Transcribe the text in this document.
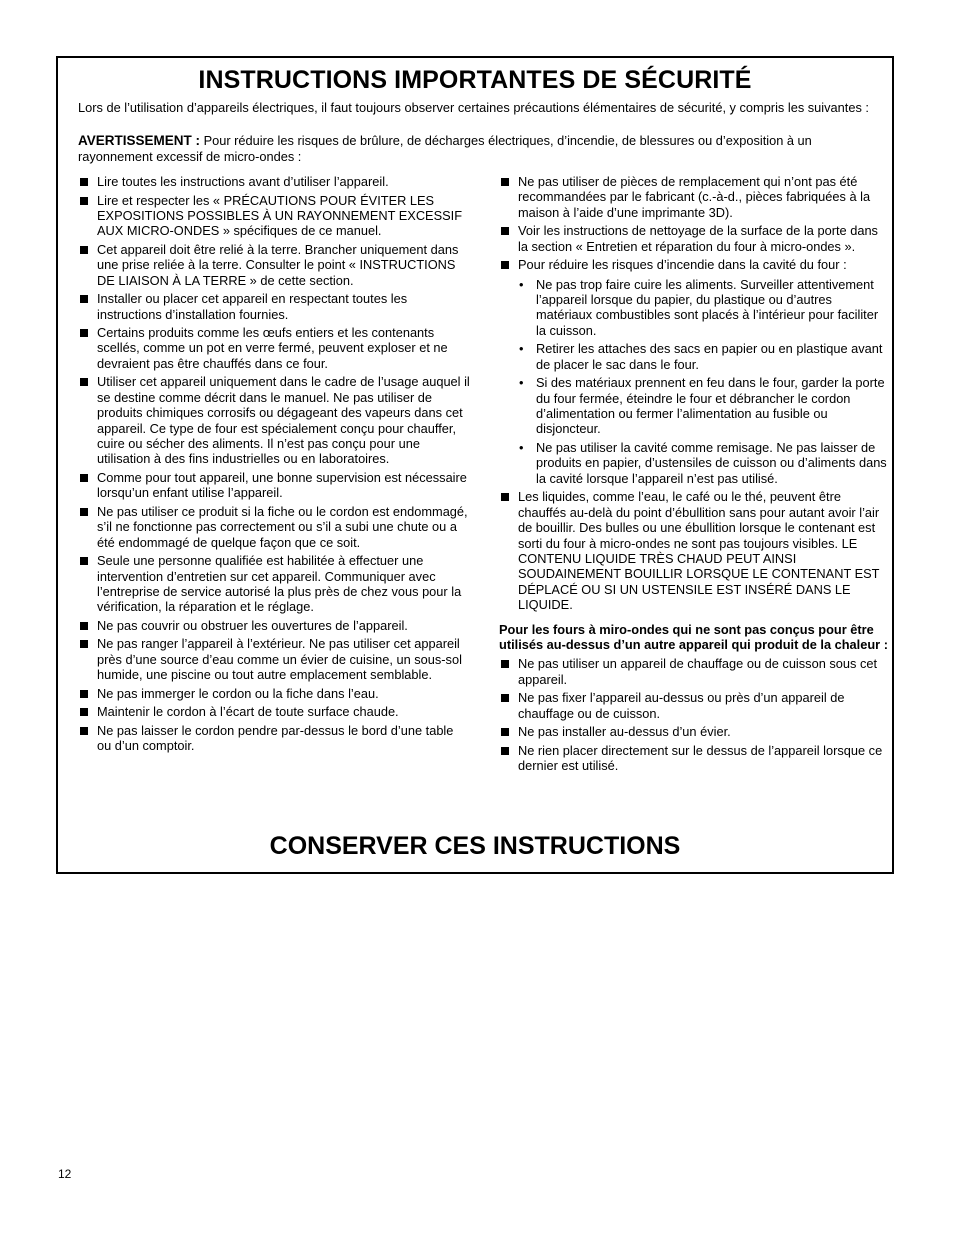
INSTRUCTIONS IMPORTANTES DE SÉCURITÉ

Lors de l’utilisation d’appareils électriques, il faut toujours observer certaines précautions élémentaires de sécurité, y compris les suivantes :

AVERTISSEMENT : Pour réduire les risques de brûlure, de décharges électriques, d’incendie, de blessures ou d’exposition à un rayonnement excessif de micro-ondes :

Lire toutes les instructions avant d’utiliser l’appareil.
Lire et respecter les « PRÉCAUTIONS POUR ÉVITER LES EXPOSITIONS POSSIBLES À UN RAYONNEMENT EXCESSIF AUX MICRO-ONDES » spécifiques de ce manuel.
Cet appareil doit être relié à la terre. Brancher uniquement dans une prise reliée à la terre. Consulter le point « INSTRUCTIONS DE LIAISON À LA TERRE » de cette section.
Installer ou placer cet appareil en respectant toutes les instructions d’installation fournies.
Certains produits comme les œufs entiers et les contenants scellés, comme un pot en verre fermé, peuvent exploser et ne devraient pas être chauffés dans ce four.
Utiliser cet appareil uniquement dans le cadre de l’usage auquel il se destine comme décrit dans le manuel. Ne pas utiliser de produits chimiques corrosifs ou dégageant des vapeurs dans cet appareil. Ce type de four est spécialement conçu pour chauffer, cuire ou sécher des aliments. Il n’est pas conçu pour une utilisation à des fins industrielles ou en laboratoires.
Comme pour tout appareil, une bonne supervision est nécessaire lorsqu’un enfant utilise l’appareil.
Ne pas utiliser ce produit si la fiche ou le cordon est endommagé, s’il ne fonctionne pas correctement ou s’il a subi une chute ou a été endommagé de quelque façon que ce soit.
Seule une personne qualifiée est habilitée à effectuer une intervention d’entretien sur cet appareil. Communiquer avec l’entreprise de service autorisé la plus près de chez vous pour la vérification, la réparation et le réglage.
Ne pas couvrir ou obstruer les ouvertures de l’appareil.
Ne pas ranger l’appareil à l’extérieur. Ne pas utiliser cet appareil près d’une source d’eau comme un évier de cuisine, un sous-sol humide, une piscine ou tout autre emplacement semblable.
Ne pas immerger le cordon ou la fiche dans l’eau.
Maintenir le cordon à l’écart de toute surface chaude.
Ne pas laisser le cordon pendre par-dessus le bord d’une table ou d’un comptoir.
Ne pas utiliser de pièces de remplacement qui n’ont pas été recommandées par le fabricant (c.-à-d., pièces fabriquées à la maison à l’aide d’une imprimante 3D).
Voir les instructions de nettoyage de la surface de la porte dans la section « Entretien et réparation du four à micro-ondes ».
Pour réduire les risques d’incendie dans la cavité du four :
• Ne pas trop faire cuire les aliments. Surveiller attentivement l’appareil lorsque du papier, du plastique ou d’autres matériaux combustibles sont placés à l’intérieur pour faciliter la cuisson.
• Retirer les attaches des sacs en papier ou en plastique avant de placer le sac dans le four.
• Si des matériaux prennent en feu dans le four, garder la porte du four fermée, éteindre le four et débrancher le cordon d’alimentation ou fermer l’alimentation au fusible ou disjoncteur.
• Ne pas utiliser la cavité comme remisage. Ne pas laisser de produits en papier, d’ustensiles de cuisson ou d’aliments dans la cavité lorsque l’appareil n’est pas utilisé.
Les liquides, comme l’eau, le café ou le thé, peuvent être chauffés au-delà du point d’ébullition sans pour autant avoir l’air de bouillir. Des bulles ou une ébullition lorsque le contenant est sorti du four à micro-ondes ne sont pas toujours visibles. LE CONTENU LIQUIDE TRÈS CHAUD PEUT AINSI SOUDAINEMENT BOUILLIR LORSQUE LE CONTENANT EST DÉPLACÉ OU SI UN USTENSILE EST INSÉRÉ DANS LE LIQUIDE.
Pour les fours à miro-ondes qui ne sont pas conçus pour être utilisés au-dessus d’un autre appareil qui produit de la chaleur :
Ne pas utiliser un appareil de chauffage ou de cuisson sous cet appareil.
Ne pas fixer l’appareil au-dessus ou près d’un appareil de chauffage ou de cuisson.
Ne pas installer au-dessus d’un évier.
Ne rien placer directement sur le dessus de l’appareil lorsque ce dernier est utilisé.
CONSERVER CES INSTRUCTIONS
12
